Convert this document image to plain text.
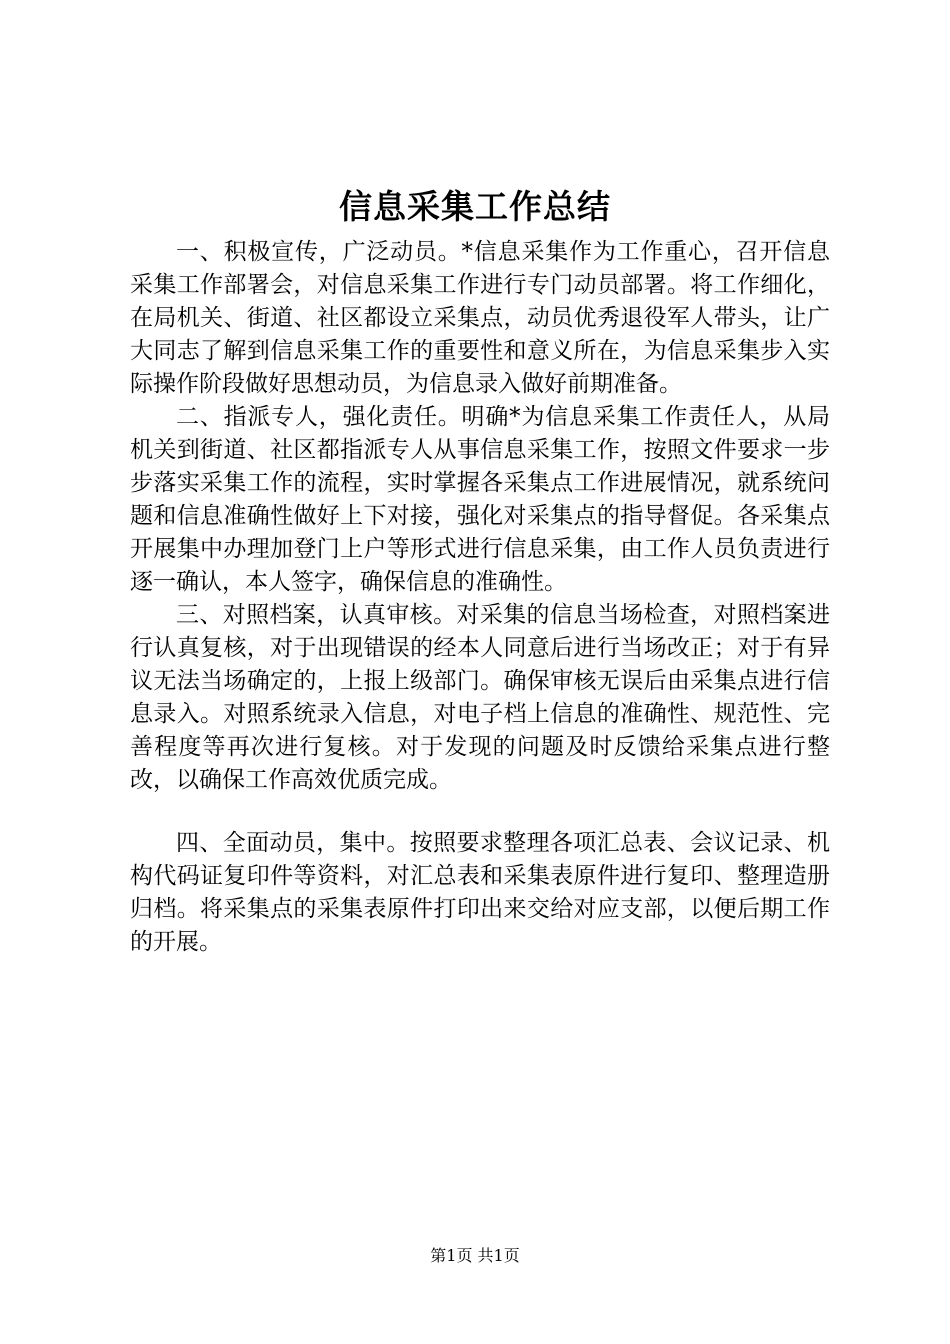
信息采集工作总结

一、积极宣传，广泛动员。*信息采集作为工作重心，召开信息采集工作部署会，对信息采集工作进行专门动员部署。将工作细化，在局机关、街道、社区都设立采集点，动员优秀退役军人带头，让广大同志了解到信息采集工作的重要性和意义所在，为信息采集步入实际操作阶段做好思想动员，为信息录入做好前期准备。

二、指派专人，强化责任。明确*为信息采集工作责任人，从局机关到街道、社区都指派专人从事信息采集工作，按照文件要求一步步落实采集工作的流程，实时掌握各采集点工作进展情况，就系统问题和信息准确性做好上下对接，强化对采集点的指导督促。各采集点开展集中办理加登门上户等形式进行信息采集，由工作人员负责进行逐一确认，本人签字，确保信息的准确性。

三、对照档案，认真审核。对采集的信息当场检查，对照档案进行认真复核，对于出现错误的经本人同意后进行当场改正；对于有异议无法当场确定的，上报上级部门。确保审核无误后由采集点进行信息录入。对照系统录入信息，对电子档上信息的准确性、规范性、完善程度等再次进行复核。对于发现的问题及时反馈给采集点进行整改，以确保工作高效优质完成。

四、全面动员，集中。按照要求整理各项汇总表、会议记录、机构代码证复印件等资料，对汇总表和采集表原件进行复印、整理造册归档。将采集点的采集表原件打印出来交给对应支部，以便后期工作的开展。

第1页 共1页
